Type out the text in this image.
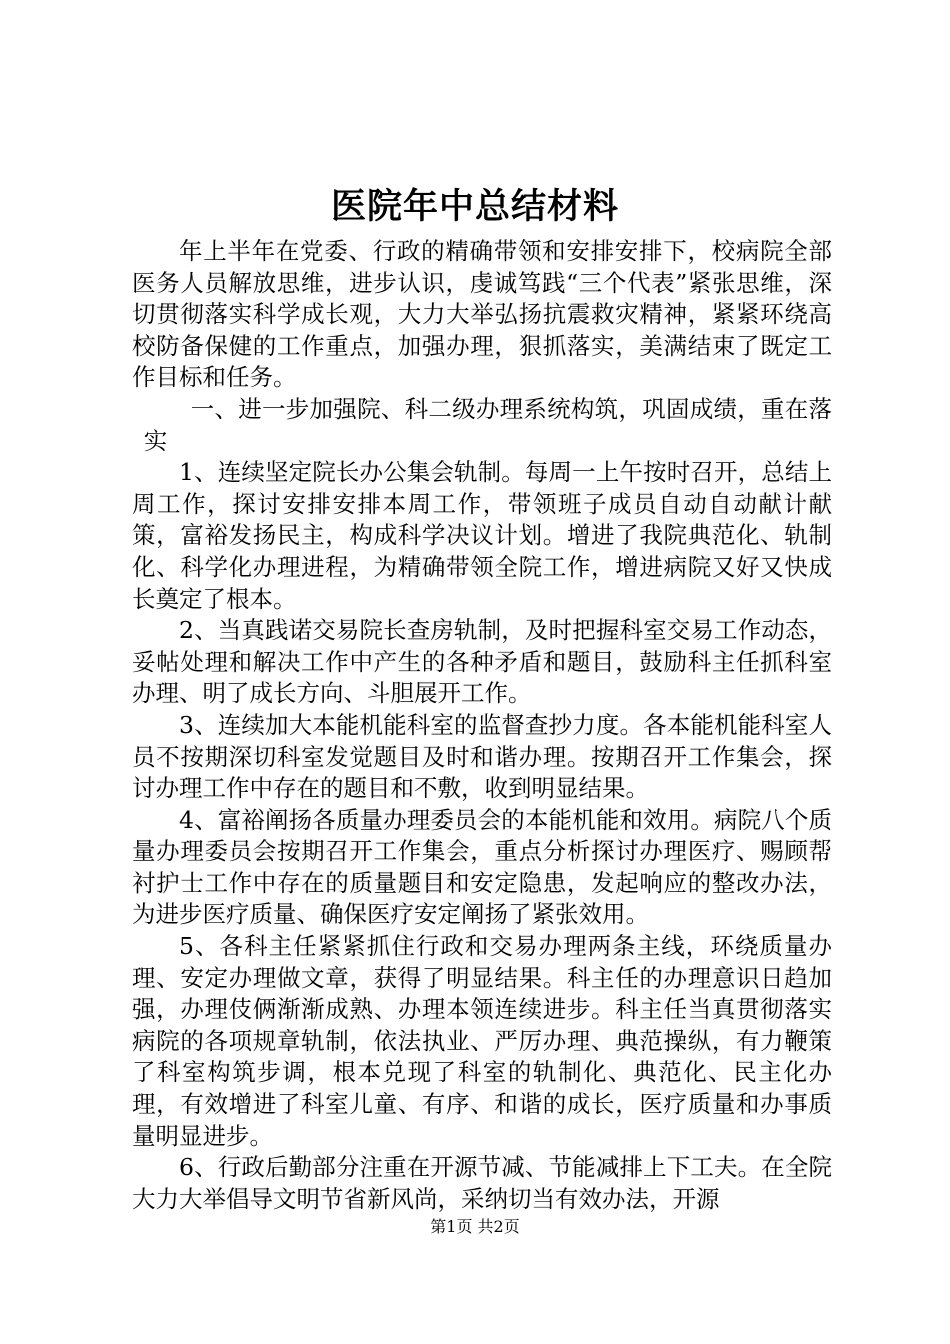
医院年中总结材料

年上半年在党委、行政的精确带领和安排安排下，校病院全部医务人员解放思维，进步认识，虔诚笃践“三个代表”紧张思维，深切贯彻落实科学成长观，大力大举弘扬抗震救灾精神，紧紧环绕高校防备保健的工作重点，加强办理，狠抓落实，美满结束了既定工作目标和任务。

一、进一步加强院、科二级办理系统构筑，巩固成绩，重在落实

1、连续坚定院长办公集会轨制。每周一上午按时召开，总结上周工作，探讨安排安排本周工作，带领班子成员自动自动献计献策，富裕发扬民主，构成科学决议计划。增进了我院典范化、轨制化、科学化办理进程，为精确带领全院工作，增进病院又好又快成长奠定了根本。

2、当真践诺交易院长查房轨制，及时把握科室交易工作动态，妥帖处理和解决工作中产生的各种矛盾和题目，鼓励科主任抓科室办理、明了成长方向、斗胆展开工作。

3、连续加大本能机能科室的监督查抄力度。各本能机能科室人员不按期深切科室发觉题目及时和谐办理。按期召开工作集会，探讨办理工作中存在的题目和不敷，收到明显结果。

4、富裕阐扬各质量办理委员会的本能机能和效用。病院八个质量办理委员会按期召开工作集会，重点分析探讨办理医疗、赐顾帮衬护士工作中存在的质量题目和安定隐患，发起响应的整改办法，为进步医疗质量、确保医疗安定阐扬了紧张效用。

5、各科主任紧紧抓住行政和交易办理两条主线，环绕质量办理、安定办理做文章，获得了明显结果。科主任的办理意识日趋加强，办理伎俩渐渐成熟、办理本领连续进步。科主任当真贯彻落实病院的各项规章轨制，依法执业、严厉办理、典范操纵，有力鞭策了科室构筑步调，根本兑现了科室的轨制化、典范化、民主化办理，有效增进了科室儿童、有序、和谐的成长，医疗质量和办事质量明显进步。

6、行政后勤部分注重在开源节减、节能减排上下工夫。在全院大力大举倡导文明节省新风尚，采纳切当有效办法，开源

第1页 共2页
